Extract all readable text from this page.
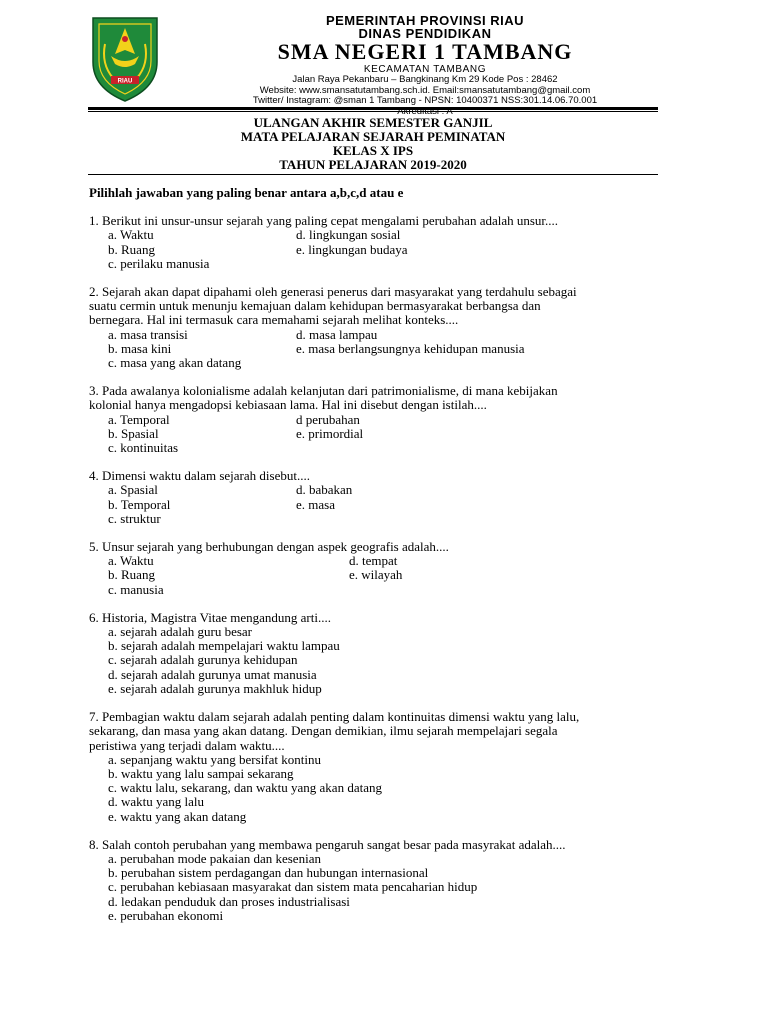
RIAU
PEMERINTAH PROVINSI RIAU
DINAS PENDIDIKAN
SMA NEGERI 1 TAMBANG
KECAMATAN TAMBANG
Jalan Raya Pekanbaru – Bangkinang Km 29 Kode Pos : 28462
Website: www.smansatutambang.sch.id. Email:smansatutambang@gmail.com
Twitter/ Instagram: @sman 1 Tambang - NPSN: 10400371 NSS:301.14.06.70.001
ULANGAN AKHIR SEMESTER GANJIL
MATA PELAJARAN SEJARAH PEMINATAN
KELAS X IPS
TAHUN PELAJARAN 2019-2020
Pilihlah jawaban yang paling benar antara a,b,c,d atau e
1. Berikut ini unsur-unsur sejarah yang paling cepat mengalami perubahan adalah unsur....
a. Waktu	d. lingkungan sosial
b. Ruang	e. lingkungan budaya
c. perilaku manusia
2. Sejarah akan dapat dipahami oleh generasi penerus dari masyarakat yang terdahulu sebagai
suatu cermin untuk menunju kemajuan dalam kehidupan bermasyarakat berbangsa dan
bernegara. Hal ini termasuk cara memahami sejarah melihat konteks....
a. masa transisi	d. masa lampau
b. masa kini	e. masa berlangsungnya kehidupan manusia
c. masa yang akan datang
3. Pada awalanya kolonialisme adalah kelanjutan dari patrimonialisme, di mana kebijakan
kolonial hanya mengadopsi kebiasaan lama. Hal ini disebut dengan istilah....
a. Temporal	d perubahan
b. Spasial	e. primordial
c. kontinuitas
4. Dimensi waktu dalam sejarah disebut....
a. Spasial	d. babakan
b. Temporal	e. masa
c. struktur
5. Unsur sejarah yang berhubungan dengan aspek geografis adalah....
a. Waktu	d. tempat
b. Ruang	e. wilayah
c. manusia
6. Historia, Magistra Vitae mengandung arti....
a. sejarah adalah guru besar
b. sejarah adalah mempelajari waktu lampau
c. sejarah adalah gurunya kehidupan
d. sejarah adalah gurunya umat manusia
e. sejarah adalah gurunya makhluk hidup
7. Pembagian waktu dalam sejarah adalah penting dalam kontinuitas dimensi waktu yang lalu,
sekarang, dan masa yang akan datang. Dengan demikian, ilmu sejarah mempelajari segala
peristiwa yang terjadi dalam waktu....
a. sepanjang waktu yang bersifat kontinu
b. waktu yang lalu sampai sekarang
c. waktu lalu, sekarang, dan waktu yang akan datang
d. waktu yang lalu
e. waktu yang akan datang
8. Salah contoh perubahan yang membawa pengaruh sangat besar pada masyrakat adalah....
a. perubahan mode pakaian dan kesenian
b. perubahan sistem perdagangan dan hubungan internasional
c. perubahan kebiasaan masyarakat dan sistem mata pencaharian hidup
d. ledakan penduduk dan proses industrialisasi
e. perubahan ekonomi
